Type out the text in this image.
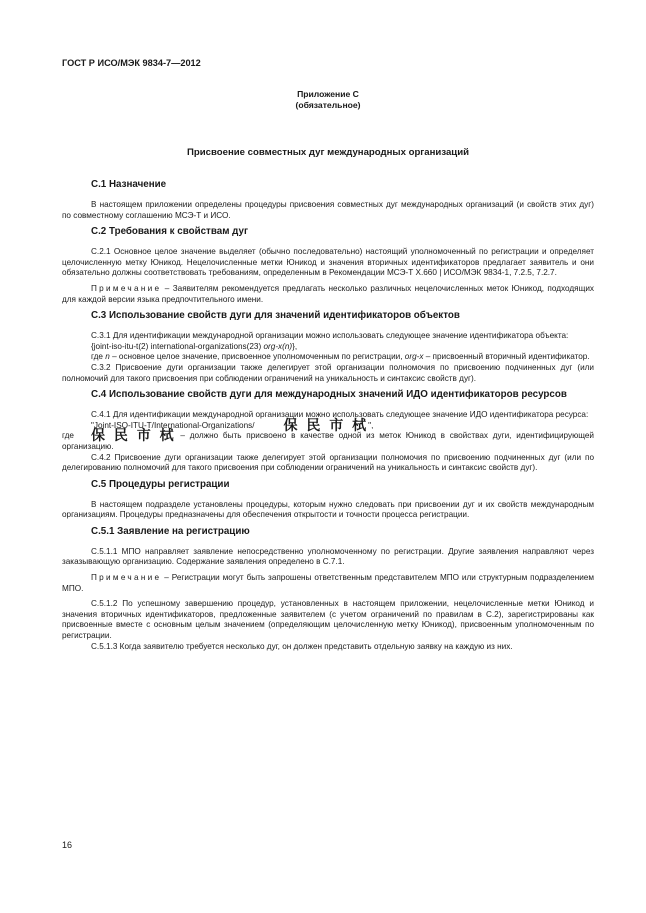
ГОСТ Р ИСО/МЭК 9834-7—2012
Приложение С
(обязательное)
Присвоение совместных дуг международных организаций
С.1 Назначение

В настоящем приложении определены процедуры присвоения совместных дуг международных организаций (и свойств этих дуг) по совместному соглашению МСЭ-Т и ИСО.

С.2 Требования к свойствам дуг

С.2.1 Основное целое значение выделяет (обычно последовательно) настоящий уполномоченный по регистрации и определяет целочисленную метку Юникод. Нецелочисленные метки Юникод и значения вторичных идентификаторов предлагает заявитель и они обязательно должны соответствовать требованиям, определенным в Рекомендации МСЭ-Т Х.660 | ИСО/МЭК 9834-1, 7.2.5, 7.2.7.

Примечание – Заявителям рекомендуется предлагать несколько различных нецелочисленных меток Юникод, подходящих для каждой версии языка предпочтительного имени.

С.3 Использование свойств дуги для значений идентификаторов объектов

С.3.1 Для идентификации международной организации можно использовать следующее значение идентификатора объекта:

{joint-iso-itu-t(2) international-organizations(23) org-x(n)},

где n – основное целое значение, присвоенное уполномоченным по регистрации, org-x – присвоенный вторичный идентификатор.

С.3.2 Присвоение дуги организации также делегирует этой организации полномочия по присвоению подчиненных дуг (или полномочий для такого присвоения при соблюдении ограничений на уникальность и синтаксис свойств дуг).

С.4 Использование свойств дуги для международных значений ИДО идентификаторов ресурсов

С.4.1 Для идентификации международной организации можно использовать следующее значение ИДО идентификатора ресурса:

"Joint-ISO-ITU-T/International-Organizations/ 保 民 市 栻",

где 保 民 市 栻 – должно быть присвоено в качестве одной из меток Юникод в свойствах дуги, идентифицирующей организацию.

С.4.2 Присвоение дуги организации также делегирует этой организации полномочия по присвоению подчиненных дуг (или по делегированию полномочий для такого присвоения при соблюдении ограничений на уникальность и синтаксис свойств дуг).

С.5 Процедуры регистрации

В настоящем подразделе установлены процедуры, которым нужно следовать при присвоении дуг и их свойств международным организациям. Процедуры предназначены для обеспечения открытости и точности процесса регистрации.

С.5.1 Заявление на регистрацию

С.5.1.1 МПО направляет заявление непосредственно уполномоченному по регистрации. Другие заявления направляют через заказывающую организацию. Содержание заявления определено в С.7.1.

Примечание – Регистрации могут быть запрошены ответственным представителем МПО или структурным подразделением МПО.

С.5.1.2 По успешному завершению процедур, установленных в настоящем приложении, нецелочисленные метки Юникод и значения вторичных идентификаторов, предложенные заявителем (с учетом ограничений по правилам в С.2), зарегистрированы как присвоенные вместе с основным целым значением (определяющим целочисленную метку Юникод), присвоенным уполномоченным по регистрации.

С.5.1.3 Когда заявителю требуется несколько дуг, он должен представить отдельную заявку на каждую из них.

16
